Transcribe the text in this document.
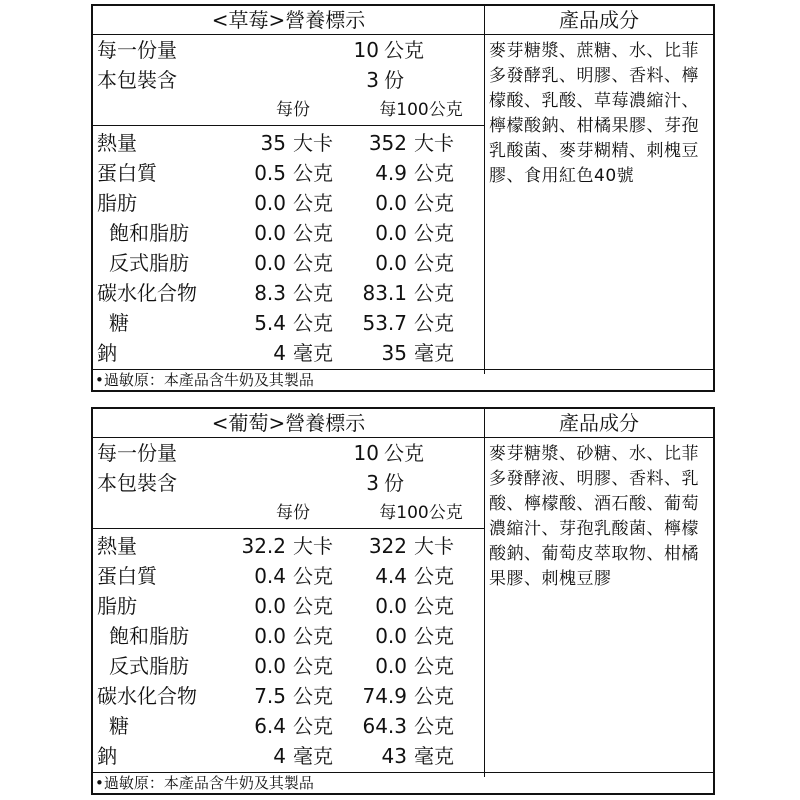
<草莓>營養標示
每一份量	10 公克
本包裝含	3 份
每份	每100公克
熱量	35 大卡 352 大卡
蛋白質	0.5 公克 4.9 公克
脂肪	0.0 公克 0.0 公克
飽和脂肪	0.0 公克 0.0 公克
反式脂肪	0.0 公克 0.0 公克
碳水化合物	8.3 公克 83.1 公克
糖	5.4 公克 53.7 公克
鈉	4 毫克 35 毫克
產品成分
麥芽糖漿、蔗糖、水、比菲多發酵乳、明膠、香料、檸檬酸、乳酸、草莓濃縮汁、檸檬酸鈉、柑橘果膠、芽孢乳酸菌、麥芽糊精、刺槐豆膠、食用紅色40號
•過敏原：本產品含牛奶及其製品
<葡萄>營養標示
每一份量	10 公克
本包裝含	3 份
每份	每100公克
熱量	32.2 大卡 322 大卡
蛋白質	0.4 公克 4.4 公克
脂肪	0.0 公克 0.0 公克
飽和脂肪	0.0 公克 0.0 公克
反式脂肪	0.0 公克 0.0 公克
碳水化合物	7.5 公克 74.9 公克
糖	6.4 公克 64.3 公克
鈉	4 毫克 43 毫克
產品成分
麥芽糖漿、砂糖、水、比菲多發酵液、明膠、香料、乳酸、檸檬酸、酒石酸、葡萄濃縮汁、芽孢乳酸菌、檸檬酸鈉、葡萄皮萃取物、柑橘果膠、刺槐豆膠
•過敏原：本產品含牛奶及其製品
